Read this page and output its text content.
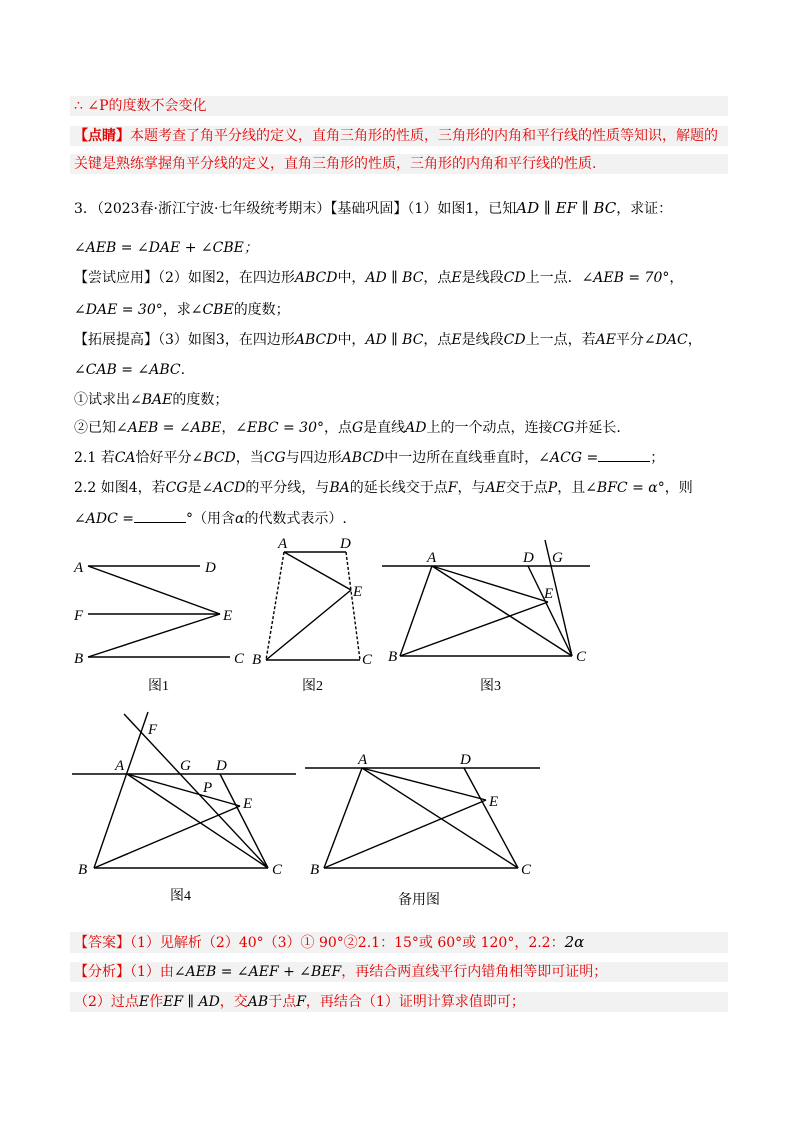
∴ ∠P的度数不会变化
【点睛】本题考查了角平分线的定义，直角三角形的性质，三角形的内角和平行线的性质等知识，解题的
关键是熟练掌握角平分线的定义，直角三角形的性质，三角形的内角和平行线的性质.
3．（2023春·浙江宁波·七年级统考期末）【基础巩固】（1）如图1，已知AD ∥ EF ∥ BC，求证：
∠AEB = ∠DAE + ∠CBE；
【尝试应用】（2）如图2，在四边形ABCD中，AD ∥ BC，点E是线段CD上一点．∠AEB = 70°，
∠DAE = 30°，求∠CBE的度数；
【拓展提高】（3）如图3，在四边形ABCD中，AD ∥ BC，点E是线段CD上一点，若AE平分∠DAC，
∠CAB = ∠ABC.
①试求出∠BAE的度数；
②已知∠AEB = ∠ABE，∠EBC = 30°，点G是直线AD上的一个动点，连接CG并延长.
2.1 若CA恰好平分∠BCD，当CG与四边形ABCD中一边所在直线垂直时，∠ACG =	；
2.2 如图4，若CG是∠ACD的平分线，与BA的延长线交于点F，与AE交于点P，且∠BFC = α°，则
∠ADC =	°（用含α的代数式表示）.
A	D
F	E
B	C
图1
A	D
E
B	C
图2
A	D G
E
B	C
图3
F
A	G D
P
E
B	C
图4
A	D
E
B	C
备用图
【答案】（1）见解析（2）40°（3）① 90°②2.1：15°或 60°或 120°，2.2：2α
【分析】（1）由∠AEB = ∠AEF + ∠BEF，再结合两直线平行内错角相等即可证明；
（2）过点E作EF ∥ AD，交AB于点F，再结合（1）证明计算求值即可；
